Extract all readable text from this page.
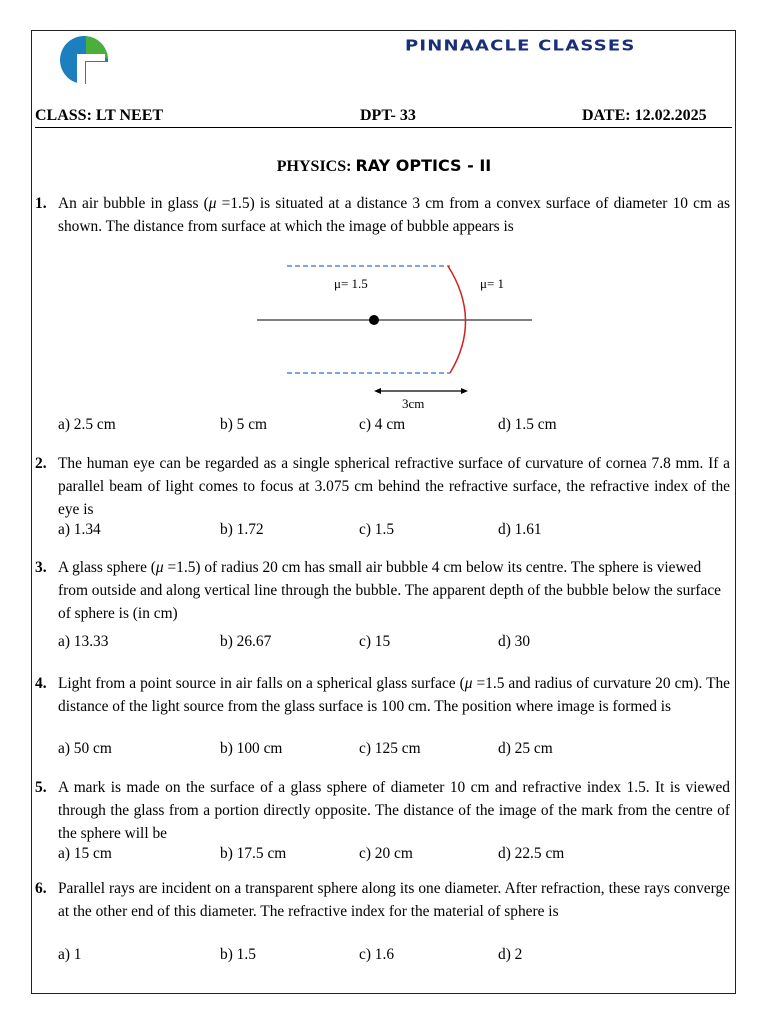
PINNAACLE CLASSES
CLASS: LT NEET	DPT- 33	DATE: 12.02.2025
PHYSICS: RAY OPTICS - II
1. An air bubble in glass (μ =1.5) is situated at a distance 3 cm from a convex surface of diameter 10 cm as shown. The distance from surface at which the image of bubble appears is
μ= 1.5	μ= 1
3cm
a) 2.5 cm	b) 5 cm	c) 4 cm	d) 1.5 cm
2. The human eye can be regarded as a single spherical refractive surface of curvature of cornea 7.8 mm. If a parallel beam of light comes to focus at 3.075 cm behind the refractive surface, the refractive index of the eye is
a) 1.34	b) 1.72	c) 1.5	d) 1.61
3. A glass sphere (μ =1.5) of radius 20 cm has small air bubble 4 cm below its centre. The sphere is viewed from outside and along vertical line through the bubble. The apparent depth of the bubble below the surface of sphere is (in cm)
a) 13.33	b) 26.67	c) 15	d) 30
4. Light from a point source in air falls on a spherical glass surface (μ =1.5 and radius of curvature 20 cm). The distance of the light source from the glass surface is 100 cm. The position where image is formed is
a) 50 cm	b) 100 cm	c) 125 cm	d) 25 cm
5. A mark is made on the surface of a glass sphere of diameter 10 cm and refractive index 1.5. It is viewed through the glass from a portion directly opposite. The distance of the image of the mark from the centre of the sphere will be
a) 15 cm	b) 17.5 cm	c) 20 cm	d) 22.5 cm
6. Parallel rays are incident on a transparent sphere along its one diameter. After refraction, these rays converge at the other end of this diameter. The refractive index for the material of sphere is
a) 1	b) 1.5	c) 1.6	d) 2
